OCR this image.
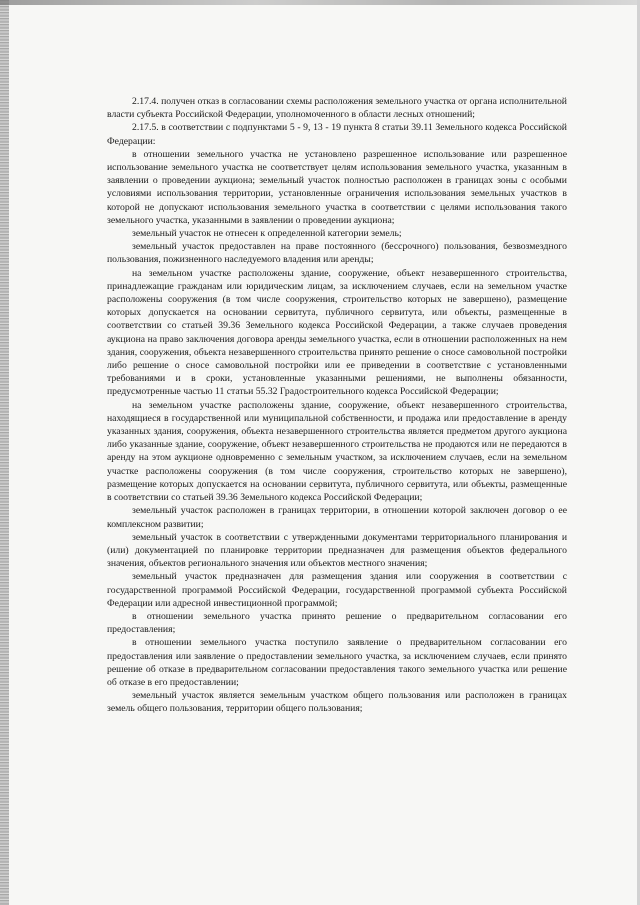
2.17.4. получен отказ в согласовании схемы расположения земельного участка от органа исполнительной власти субъекта Российской Федерации, уполномоченного в области лесных отношений;

2.17.5. в соответствии с подпунктами 5 - 9, 13 - 19 пункта 8 статьи 39.11 Земельного кодекса Российской Федерации:

в отношении земельного участка не установлено разрешенное использование или разрешенное использование земельного участка не соответствует целям использования земельного участка, указанным в заявлении о проведении аукциона; земельный участок полностью расположен в границах зоны с особыми условиями использования территории, установленные ограничения использования земельных участков в которой не допускают использования земельного участка в соответствии с целями использования такого земельного участка, указанными в заявлении о проведении аукциона;

земельный участок не отнесен к определенной категории земель;

земельный участок предоставлен на праве постоянного (бессрочного) пользования, безвозмездного пользования, пожизненного наследуемого владения или аренды;

на земельном участке расположены здание, сооружение, объект незавершенного строительства, принадлежащие гражданам или юридическим лицам, за исключением случаев, если на земельном участке расположены сооружения (в том числе сооружения, строительство которых не завершено), размещение которых допускается на основании сервитута, публичного сервитута, или объекты, размещенные в соответствии со статьей 39.36 Земельного кодекса Российской Федерации, а также случаев проведения аукциона на право заключения договора аренды земельного участка, если в отношении расположенных на нем здания, сооружения, объекта незавершенного строительства принято решение о сносе самовольной постройки либо решение о сносе самовольной постройки или ее приведении в соответствие с установленными требованиями и в сроки, установленные указанными решениями, не выполнены обязанности, предусмотренные частью 11 статьи 55.32 Градостроительного кодекса Российской Федерации;

на земельном участке расположены здание, сооружение, объект незавершенного строительства, находящиеся в государственной или муниципальной собственности, и продажа или предоставление в аренду указанных здания, сооружения, объекта незавершенного строительства является предметом другого аукциона либо указанные здание, сооружение, объект незавершенного строительства не продаются или не передаются в аренду на этом аукционе одновременно с земельным участком, за исключением случаев, если на земельном участке расположены сооружения (в том числе сооружения, строительство которых не завершено), размещение которых допускается на основании сервитута, публичного сервитута, или объекты, размещенные в соответствии со статьей 39.36 Земельного кодекса Российской Федерации;

земельный участок расположен в границах территории, в отношении которой заключен договор о ее комплексном развитии;

земельный участок в соответствии с утвержденными документами территориального планирования и (или) документацией по планировке территории предназначен для размещения объектов федерального значения, объектов регионального значения или объектов местного значения;

земельный участок предназначен для размещения здания или сооружения в соответствии с государственной программой Российской Федерации, государственной программой субъекта Российской Федерации или адресной инвестиционной программой;

в отношении земельного участка принято решение о предварительном согласовании его предоставления;

в отношении земельного участка поступило заявление о предварительном согласовании его предоставления или заявление о предоставлении земельного участка, за исключением случаев, если принято решение об отказе в предварительном согласовании предоставления такого земельного участка или решение об отказе в его предоставлении;

земельный участок является земельным участком общего пользования или расположен в границах земель общего пользования, территории общего пользования;
